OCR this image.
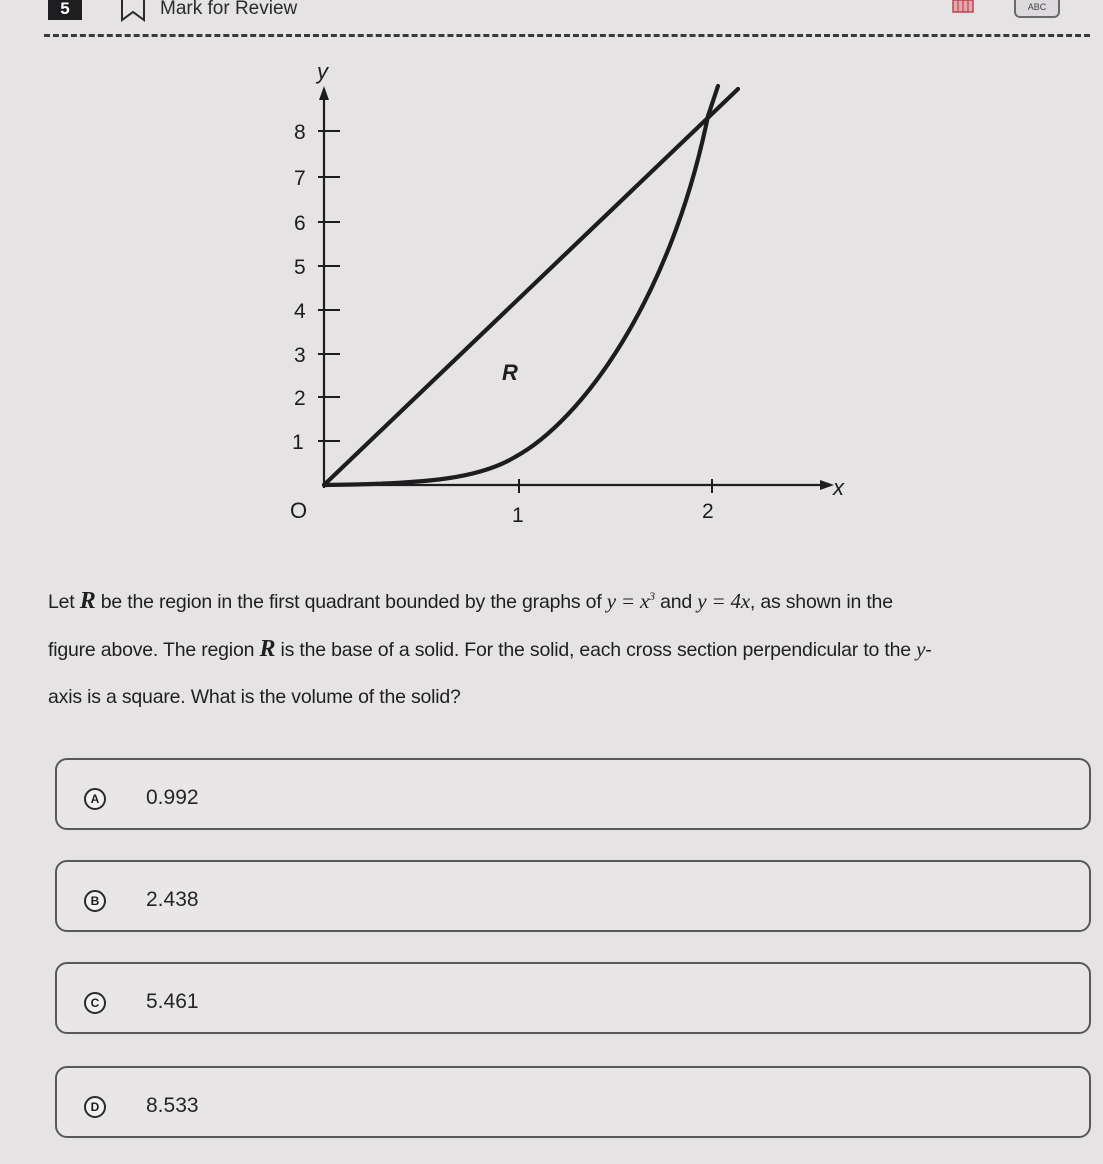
5	Mark for Review	ABC
y
x
O
1
2
3
4
5
6
7
8
1	2
R

Let R be the region in the first quadrant bounded by the graphs of $y = x^3$ and y = 4x, as shown in the

figure above. The region R is the base of a solid. For the solid, each cross section perpendicular to the y-

axis is a square. What is the volume of the solid?

A	0.992
B	2.438
C	5.461
D	8.533
